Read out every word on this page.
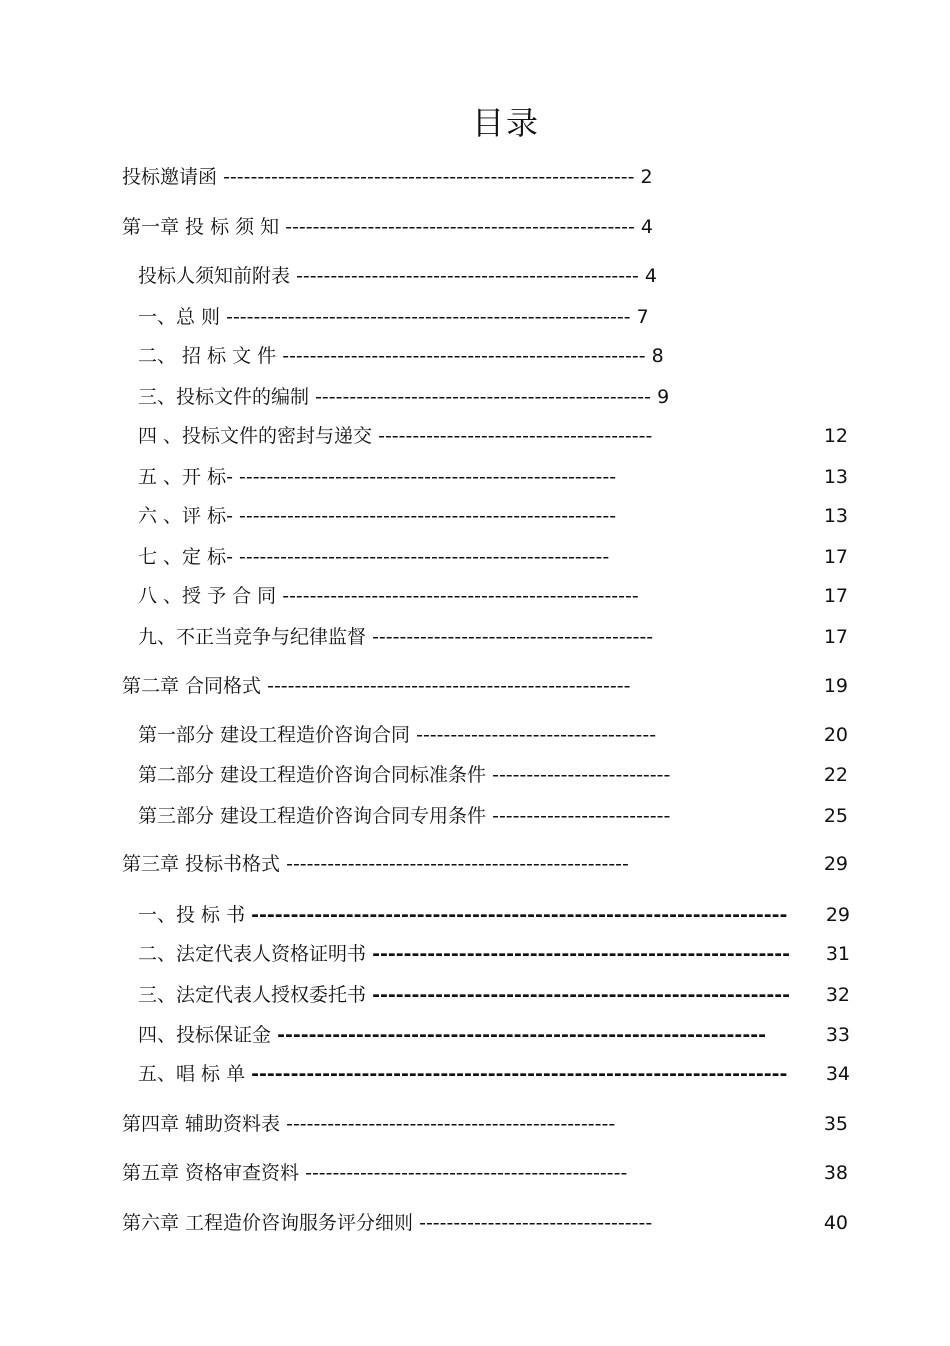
目录
投标邀请函 ------------------------------------------------------------ 2
第一章 投 标 须 知 --------------------------------------------------- 4
投标人须知前附表 -------------------------------------------------- 4
一、总 则 ----------------------------------------------------------- 7
二、 招 标 文 件 ----------------------------------------------------- 8
三、投标文件的编制 ------------------------------------------------- 9
四 、投标文件的密封与递交 ----------------------------------------	12
五 、开 标- -------------------------------------------------------	13
六 、评 标- -------------------------------------------------------	13
七 、定 标- ------------------------------------------------------	17
八 、授 予 合 同 ----------------------------------------------------	17
九、不正当竞争与纪律监督 -----------------------------------------	17
第二章 合同格式 -----------------------------------------------------	19
第一部分 建设工程造价咨询合同 -----------------------------------	20
第二部分 建设工程造价咨询合同标准条件 --------------------------	22
第三部分 建设工程造价咨询合同专用条件 --------------------------	25
第三章 投标书格式 --------------------------------------------------	29
一、投 标 书 -------------------------------------------------------------------- 29
二、法定代表人资格证明书 ----------------------------------------------------- 31
三、法定代表人授权委托书 ----------------------------------------------------- 32
四、投标保证金 --------------------------------------------------------------	33
五、唱 标 单 -------------------------------------------------------------------- 34
第四章 辅助资料表 ------------------------------------------------	35
第五章 资格审查资料 -----------------------------------------------	38
第六章 工程造价咨询服务评分细则 ----------------------------------	40
